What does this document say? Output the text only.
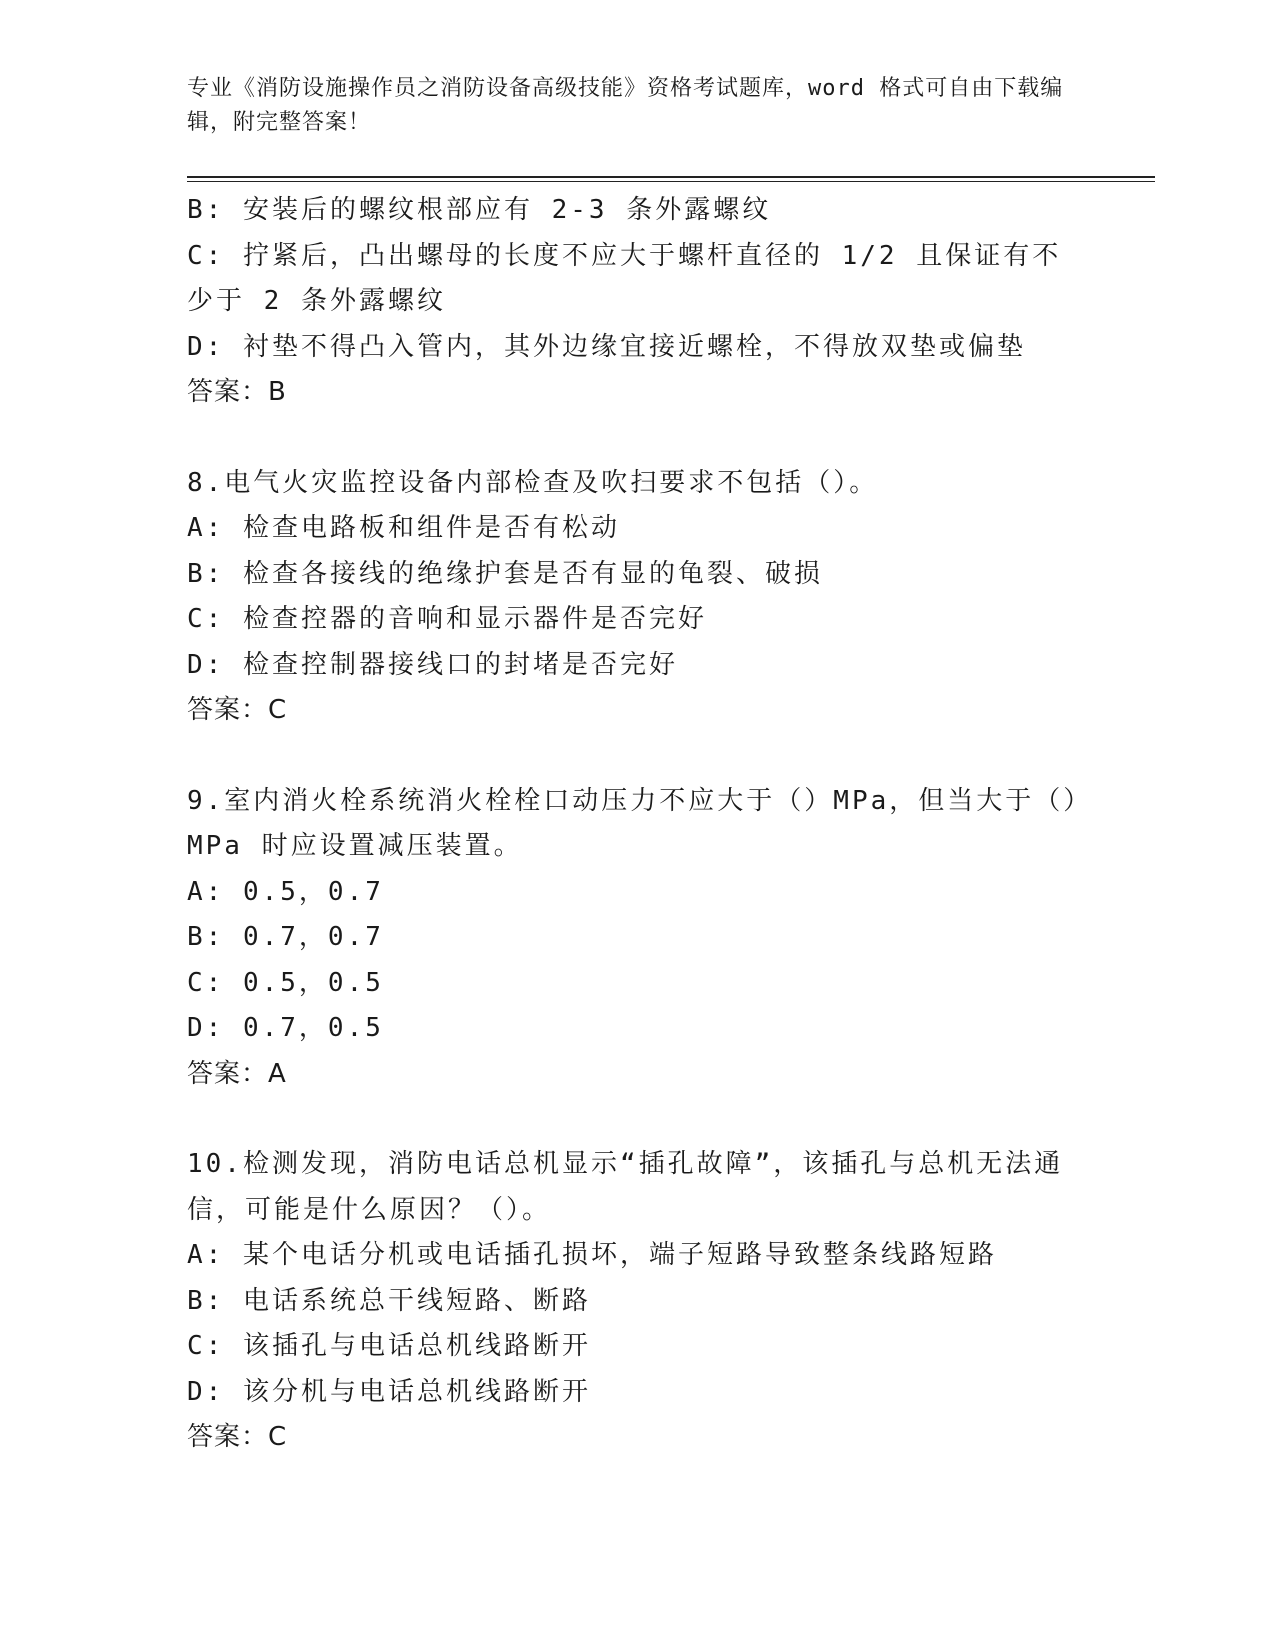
专业《消防设施操作员之消防设备高级技能》资格考试题库，word 格式可自由下载编辑，附完整答案！
B: 安装后的螺纹根部应有 2-3 条外露螺纹
C: 拧紧后，凸出螺母的长度不应大于螺杆直径的 1/2 且保证有不少于 2 条外露螺纹
D: 衬垫不得凸入管内，其外边缘宜接近螺栓，不得放双垫或偏垫
答案：B
8.电气火灾监控设备内部检查及吹扫要求不包括（）。
A: 检查电路板和组件是否有松动
B: 检查各接线的绝缘护套是否有显的龟裂、破损
C: 检查控器的音响和显示器件是否完好
D: 检查控制器接线口的封堵是否完好
答案：C
9.室内消火栓系统消火栓栓口动压力不应大于（）MPa，但当大于（）MPa 时应设置减压装置。
A: 0.5，0.7
B: 0.7，0.7
C: 0.5，0.5
D: 0.7，0.5
答案：A
10.检测发现，消防电话总机显示“插孔故障”，该插孔与总机无法通信，可能是什么原因？（）。
A: 某个电话分机或电话插孔损坏，端子短路导致整条线路短路
B: 电话系统总干线短路、断路
C: 该插孔与电话总机线路断开
D: 该分机与电话总机线路断开
答案：C
